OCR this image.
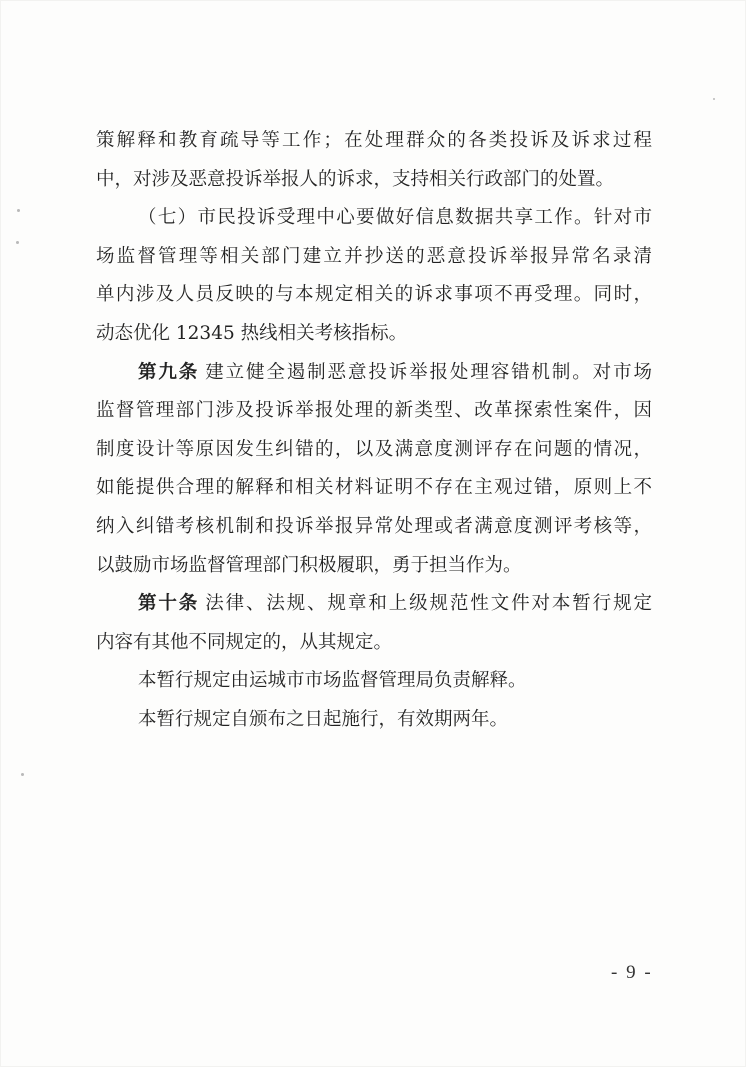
策解释和教育疏导等工作；在处理群众的各类投诉及诉求过程
中，对涉及恶意投诉举报人的诉求，支持相关行政部门的处置。
（七）市民投诉受理中心要做好信息数据共享工作。针对市
场监督管理等相关部门建立并抄送的恶意投诉举报异常名录清
单内涉及人员反映的与本规定相关的诉求事项不再受理。同时，
动态优化 12345 热线相关考核指标。
第九条 建立健全遏制恶意投诉举报处理容错机制。对市场
监督管理部门涉及投诉举报处理的新类型、改革探索性案件，因
制度设计等原因发生纠错的，以及满意度测评存在问题的情况，
如能提供合理的解释和相关材料证明不存在主观过错，原则上不
纳入纠错考核机制和投诉举报异常处理或者满意度测评考核等，
以鼓励市场监督管理部门积极履职，勇于担当作为。
第十条 法律、法规、规章和上级规范性文件对本暂行规定
内容有其他不同规定的，从其规定。
本暂行规定由运城市市场监督管理局负责解释。
本暂行规定自颁布之日起施行，有效期两年。
- 9 -
